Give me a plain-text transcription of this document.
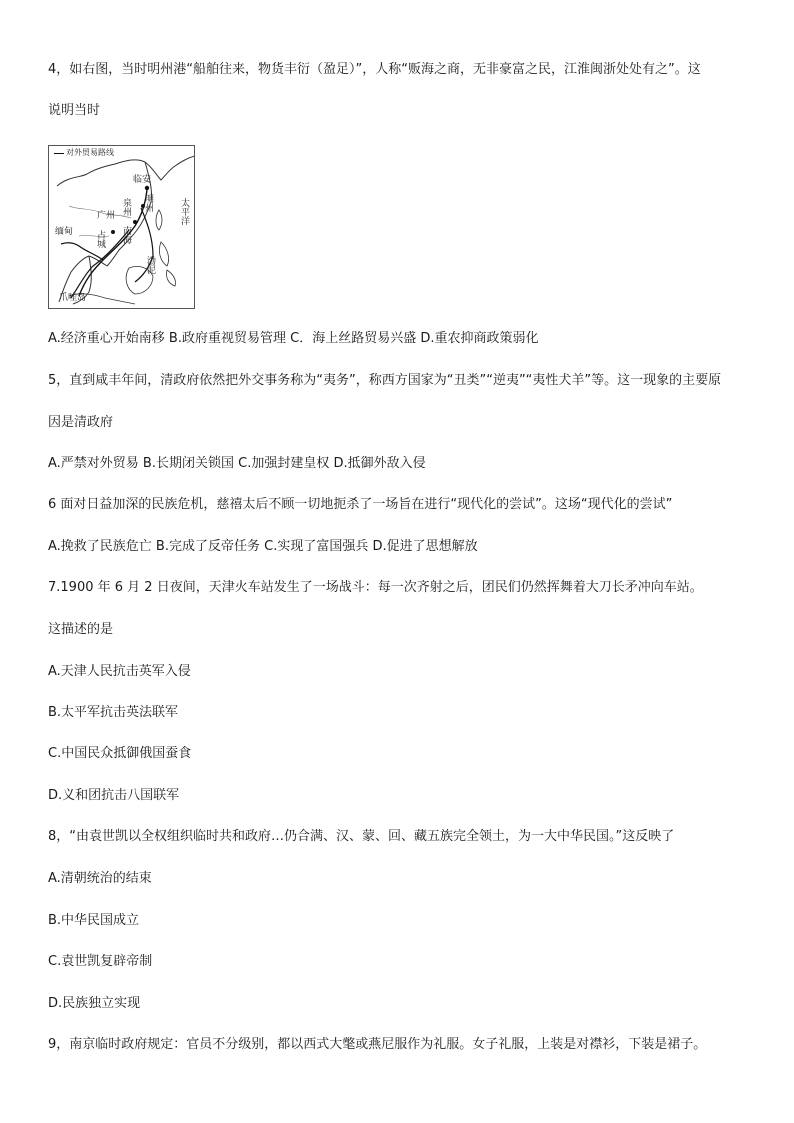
4，如右图，当时明州港“船舶往来，物货丰衍（盈足）”，人称“贩海之商，无非豪富之民，江淮闽浙处处有之”。这
说明当时
对外贸易路线
临安
明州
泉州
广州
南海
太平洋
缅甸 占城
渤泥
爪哇岛
A.经济重心开始南移 B.政府重视贸易管理 C．海上丝路贸易兴盛 D.重农抑商政策弱化
5，直到咸丰年间，清政府依然把外交事务称为“夷务”，称西方国家为“丑类”“逆夷”“夷性犬羊”等。这一现象的主要原
因是清政府
A.严禁对外贸易 B.长期闭关锁国 C.加强封建皇权 D.抵御外敌入侵
6 面对日益加深的民族危机，慈禧太后不顾一切地扼杀了一场旨在进行“现代化的尝试”。这场“现代化的尝试”
A.挽救了民族危亡 B.完成了反帝任务 C.实现了富国强兵 D.促进了思想解放
7.1900 年 6 月 2 日夜间，天津火车站发生了一场战斗：每一次齐射之后，团民们仍然挥舞着大刀长矛冲向车站。
这描述的是
A.天津人民抗击英军入侵
B.太平军抗击英法联军
C.中国民众抵御俄国蚕食
D.义和团抗击八国联军
8，“由袁世凯以全权组织临时共和政府…仍合满、汉、蒙、回、藏五族完全领土，为一大中华民国。”这反映了
A.清朝统治的结束
B.中华民国成立
C.袁世凯复辟帝制
D.民族独立实现
9，南京临时政府规定：官员不分级别，都以西式大氅或燕尼服作为礼服。女子礼服，上装是对襟衫，下装是裙子。
